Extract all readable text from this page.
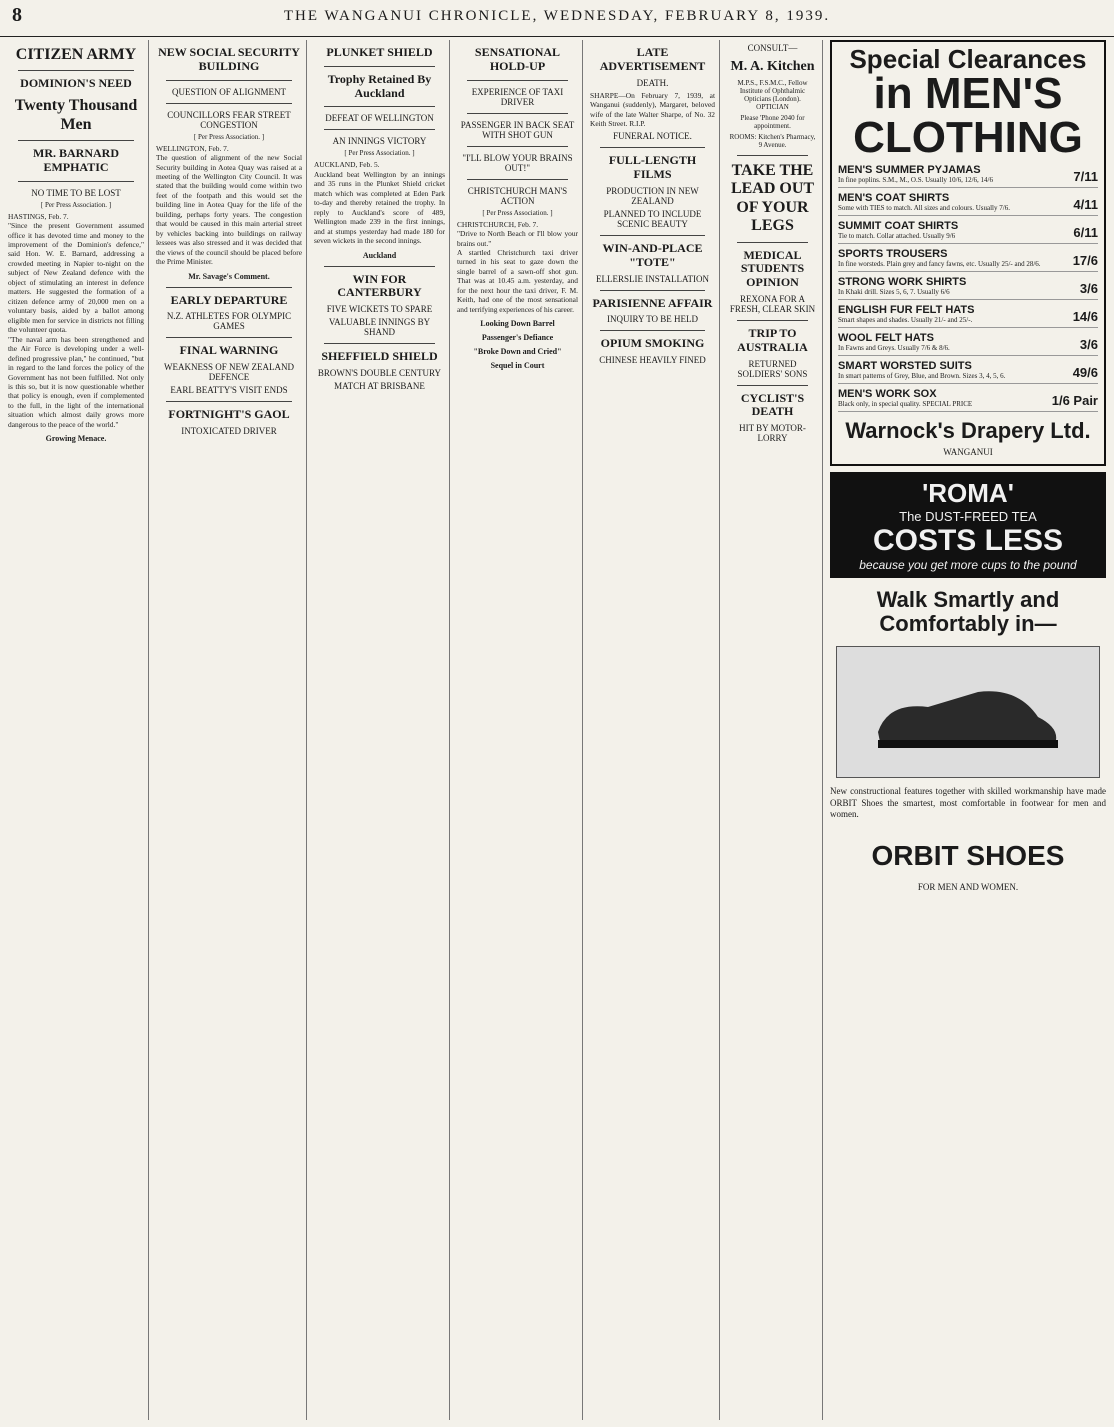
8	THE WANGANUI CHRONICLE, WEDNESDAY, FEBRUARY 8, 1939.
CITIZEN ARMY
DOMINION'S NEED
Twenty Thousand Men
MR. BARNARD EMPHATIC
NO TIME TO BE LOST
[ Per Press Association. ]

HASTINGS, Feb. 7.
"Since the present Government assumed office it has devoted time and money to the improvement of the Dominion's defence," said Hon. W. E. Barnard, addressing a crowded meeting in Napier to-night on the subject of New Zealand defence with the object of stimulating an interest in defence matters. He suggested the formation of a citizen defence army of 20,000 men on a voluntary basis, aided by a ballot among eligible men for service in districts not filling the volunteer quota.
"The naval arm has been strengthened and the Air Force is developing under a well-defined progressive plan," he continued, "but in regard to the land forces the policy of the Government has not been fulfilled. Not only is this so, but it is now questionable whether that policy is enough, even if complemented to the full, in the light of the international situation which almost daily grows more dangerous to the peace of the world."

Growing Menace.
NEW SOCIAL SECURITY BUILDING
QUESTION OF ALIGNMENT
COUNCILLORS FEAR STREET CONGESTION
[ Per Press Association. ]

WELLINGTON, Feb. 7.
The question of alignment of the new Social Security building in Aotea Quay was raised at a meeting of the Wellington City Council. It was stated that the building would come within two feet of the footpath and this would set the building line in Aotea Quay for the life of the building, perhaps forty years. The congestion that would be caused in this main arterial street by vehicles backing into buildings on railway lessees was also stressed and it was decided that the views of the council should be placed before the Prime Minister.

Mr. Savage's Comment.
EARLY DEPARTURE
N.Z. ATHLETES FOR OLYMPIC GAMES
FINAL WARNING
WEAKNESS OF NEW ZEALAND DEFENCE
EARL BEATTY'S VISIT ENDS
FORTNIGHT'S GAOL
INTOXICATED DRIVER
PLUNKET SHIELD
Trophy Retained By Auckland
DEFEAT OF WELLINGTON
AN INNINGS VICTORY
[ Per Press Association. ]

AUCKLAND, Feb. 5.
Auckland beat Wellington by an innings and 35 runs in the Plunket Shield cricket match which was completed at Eden Park to-day and thereby retained the trophy. In reply to Auckland's score of 489, Wellington made 239 in the first innings, and at stumps yesterday had made 180 for seven wickets in the second innings.

Auckland
WIN FOR CANTERBURY
FIVE WICKETS TO SPARE
VALUABLE INNINGS BY SHAND
SHEFFIELD SHIELD
BROWN'S DOUBLE CENTURY
MATCH AT BRISBANE
SENSATIONAL HOLD-UP
EXPERIENCE OF TAXI DRIVER
PASSENGER IN BACK SEAT WITH SHOT GUN
"I'LL BLOW YOUR BRAINS OUT!"
CHRISTCHURCH MAN'S ACTION
[ Per Press Association. ]

CHRISTCHURCH, Feb. 7.
"Drive to North Beach or I'll blow your brains out."
A startled Christchurch taxi driver turned in his seat to gaze down the single barrel of a sawn-off shot gun. That was at 10.45 a.m. yesterday, and for the next hour the taxi driver, F. M. Keith, had one of the most sensational and terrifying experiences of his career.

Looking Down Barrel
Passenger's Defiance
"Broke Down and Cried"
Sequel in Court
LATE ADVERTISEMENT
DEATH.

SHARPE—On February 7, 1939, at Wanganui (suddenly), Margaret, beloved wife of the late Walter Sharpe, of No. 32 Keith Street. R.I.P.

FUNERAL NOTICE.
FULL-LENGTH FILMS
PRODUCTION IN NEW ZEALAND
PLANNED TO INCLUDE SCENIC BEAUTY
WIN-AND-PLACE "TOTE"
ELLERSLIE INSTALLATION
PARISIENNE AFFAIR
INQUIRY TO BE HELD
OPIUM SMOKING
CHINESE HEAVILY FINED
CONSULT—
M. A. Kitchen
M.P.S., F.S.M.C., Fellow Institute of Ophthalmic Opticians (London). OPTICIAN
Please 'Phone 2040 for appointment.
ROOMS: Kitchen's Pharmacy, 9 Avenue.
TAKE THE LEAD OUT OF YOUR LEGS
MEDICAL STUDENTS OPINION
REXONA FOR A FRESH, CLEAR SKIN
TRIP TO AUSTRALIA
RETURNED SOLDIERS' SONS
CYCLIST'S DEATH
HIT BY MOTOR-LORRY
Special Clearances
in MEN'S
CLOTHING
MEN'S SUMMER PYJAMAS
In fine poplins. S.M., M., O.S. Usually 10/6, 12/6, 14/6	7/11
MEN'S COAT SHIRTS
Some with TIES to match. All sizes and colours. Usually 7/6.	4/11
SUMMIT COAT SHIRTS
Tie to match. Collar attached. Usually 9/6	6/11
SPORTS TROUSERS
In fine worsteds. Plain grey and fancy fawns, etc. Usually 25/- and 28/6. 17/6
STRONG WORK SHIRTS
In Khaki drill. Sizes 5, 6, 7. Usually 6/6	3/6
ENGLISH FUR FELT HATS
Smart shapes and shades. Usually 21/- and 25/-.	14/6
WOOL FELT HATS
In Fawns and Greys. Usually 7/6 & 8/6.	3/6
SMART WORSTED SUITS
In smart patterns of Grey, Blue, and Brown. Sizes 3, 4, 5, 6.	49/6
MEN'S WORK SOX
Black only, in special quality. SPECIAL PRICE	1/6 Pair
Warnock's Drapery Ltd.
WANGANUI
'ROMA'
The DUST-FREED TEA
COSTS LESS
because you get more cups to the pound
Walk Smartly and Comfortably in—

New constructional features together with skilled workmanship have made ORBIT Shoes the smartest, most comfortable in footwear for men and women.

ORBIT SHOES
FOR MEN AND WOMEN.
